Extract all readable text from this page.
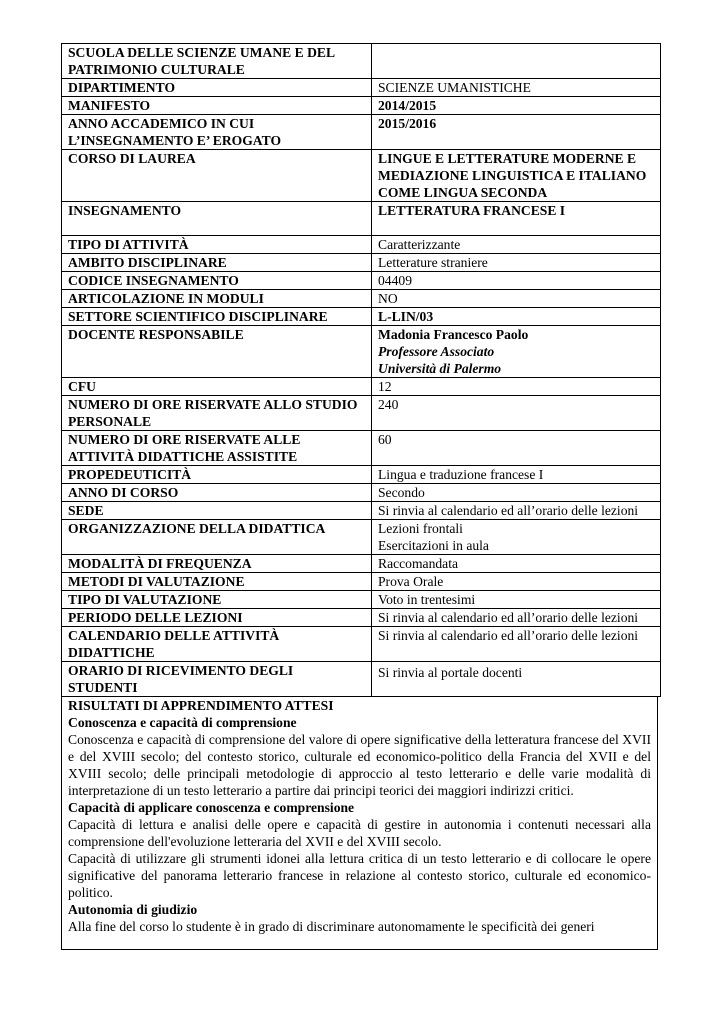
SCUOLA DELLE SCIENZE UMANE E DEL PATRIMONIO CULTURALE	

DIPARTIMENTO	SCIENZE UMANISTICHE

MANIFESTO	2014/2015

ANNO ACCADEMICO IN CUI L’INSEGNAMENTO E’ EROGATO	2015/2016

CORSO DI LAUREA	LINGUE E LETTERATURE MODERNE E MEDIAZIONE LINGUISTICA E ITALIANO COME LINGUA SECONDA

INSEGNAMENTO	LETTERATURA FRANCESE I

TIPO DI ATTIVITÀ	Caratterizzante

AMBITO DISCIPLINARE	Letterature straniere

CODICE INSEGNAMENTO	04409

ARTICOLAZIONE IN MODULI	NO

SETTORE SCIENTIFICO DISCIPLINARE	L-LIN/03

DOCENTE RESPONSABILE	Madonia Francesco Paolo
Professore Associato
Università di Palermo

CFU	12

NUMERO DI ORE RISERVATE ALLO STUDIO PERSONALE	240

NUMERO DI ORE RISERVATE ALLE ATTIVITÀ DIDATTICHE ASSISTITE	60

PROPEDEUTICITÀ	Lingua e traduzione francese I

ANNO DI CORSO	Secondo

SEDE	Si rinvia al calendario ed all’orario delle lezioni

ORGANIZZAZIONE DELLA DIDATTICA	Lezioni frontali
Esercitazioni in aula

MODALITÀ DI FREQUENZA	Raccomandata

METODI DI VALUTAZIONE	Prova Orale

TIPO DI VALUTAZIONE	Voto in trentesimi

PERIODO DELLE LEZIONI	Si rinvia al calendario ed all’orario delle lezioni

CALENDARIO DELLE ATTIVITÀ DIDATTICHE	Si rinvia al calendario ed all’orario delle lezioni

ORARIO DI RICEVIMENTO DEGLI STUDENTI	Si rinvia al portale docenti
RISULTATI DI APPRENDIMENTO ATTESI
Conoscenza e capacità di comprensione

Conoscenza e capacità di comprensione del valore di opere significative della letteratura francese del XVII e del XVIII secolo; del contesto storico, culturale ed economico-politico della Francia del XVII e del XVIII secolo; delle principali metodologie di approccio al testo letterario e delle varie modalità di interpretazione di un testo letterario a partire dai principi teorici dei maggiori indirizzi critici.

Capacità di applicare conoscenza e comprensione

Capacità di lettura e analisi delle opere e capacità di gestire in autonomia i contenuti necessari alla comprensione dell'evoluzione letteraria del XVII e del XVIII secolo.

Capacità di utilizzare gli strumenti idonei alla lettura critica di un testo letterario e di collocare le opere significative del panorama letterario francese in relazione al contesto storico, culturale ed economico-politico.

Autonomia di giudizio

Alla fine del corso lo studente è in grado di discriminare autonomamente le specificità dei generi
